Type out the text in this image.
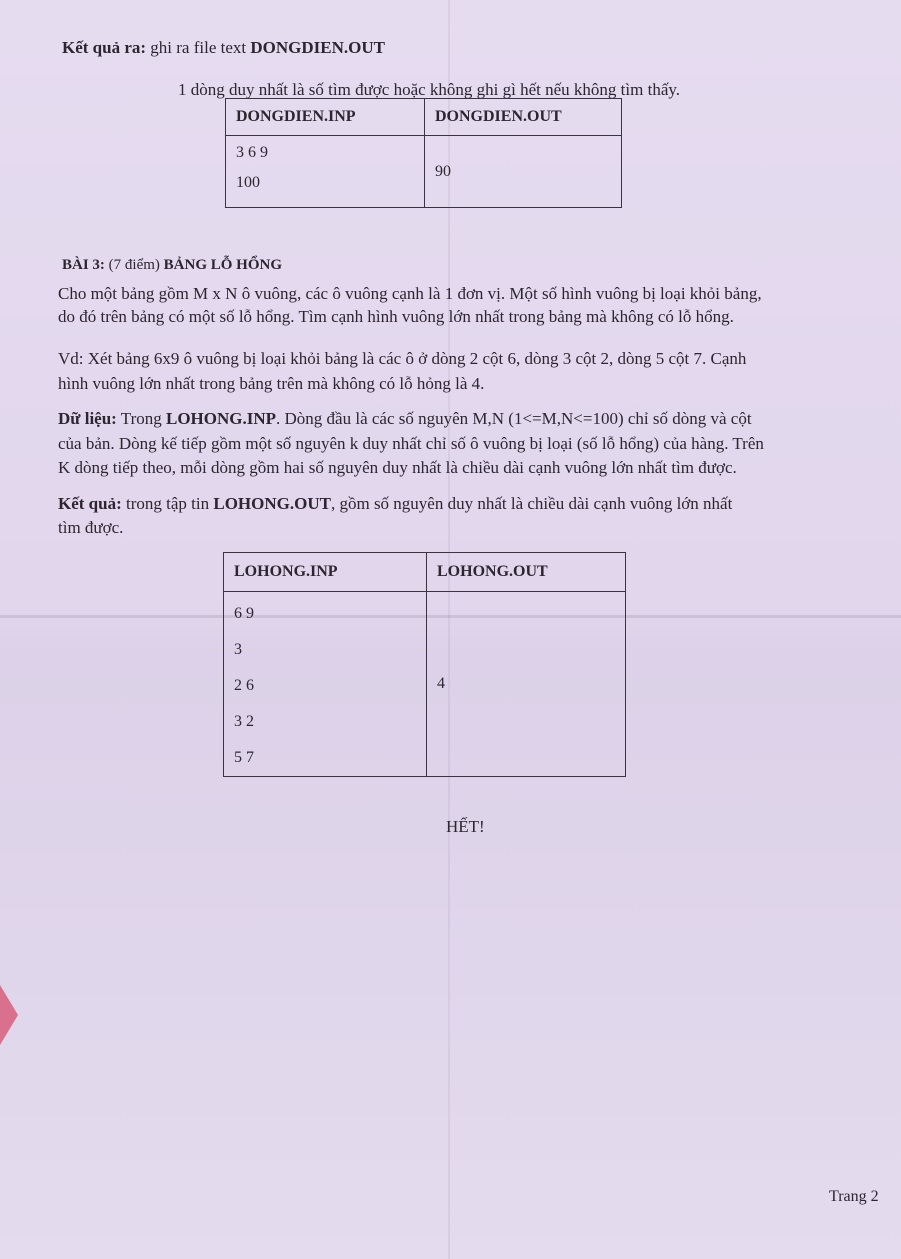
Kết quả ra: ghi ra file text DONGDIEN.OUT
1 dòng duy nhất là số tìm được hoặc không ghi gì hết nếu không tìm thấy.
DONGDIEN.INP	DONGDIEN.OUT

3 6 9
100	90
BÀI 3: (7 điểm) BẢNG LỖ HỔNG
Cho một bảng gồm M x N ô vuông, các ô vuông cạnh là 1 đơn vị. Một số hình vuông bị loại khỏi bảng,
do đó trên bảng có một số lỗ hổng. Tìm cạnh hình vuông lớn nhất trong bảng mà không có lỗ hổng.
Vd: Xét bảng 6x9 ô vuông bị loại khỏi bảng là các ô ở dòng 2 cột 6, dòng 3 cột 2, dòng 5 cột 7. Cạnh
hình vuông lớn nhất trong bảng trên mà không có lỗ hỏng là 4.
Dữ liệu: Trong LOHONG.INP. Dòng đầu là các số nguyên M,N (1<=M,N<=100) chỉ số dòng và cột
của bản. Dòng kế tiếp gồm một số nguyên k duy nhất chỉ số ô vuông bị loại (số lỗ hổng) của hàng. Trên
K dòng tiếp theo, mỗi dòng gồm hai số nguyên duy nhất là chiều dài cạnh vuông lớn nhất tìm được.
Kết quả: trong tập tin LOHONG.OUT, gồm số nguyên duy nhất là chiều dài cạnh vuông lớn nhất
tìm được.
LOHONG.INP	LOHONG.OUT

6 9
3
2 6
3 2
5 7	4
HẾT!
Trang 2
